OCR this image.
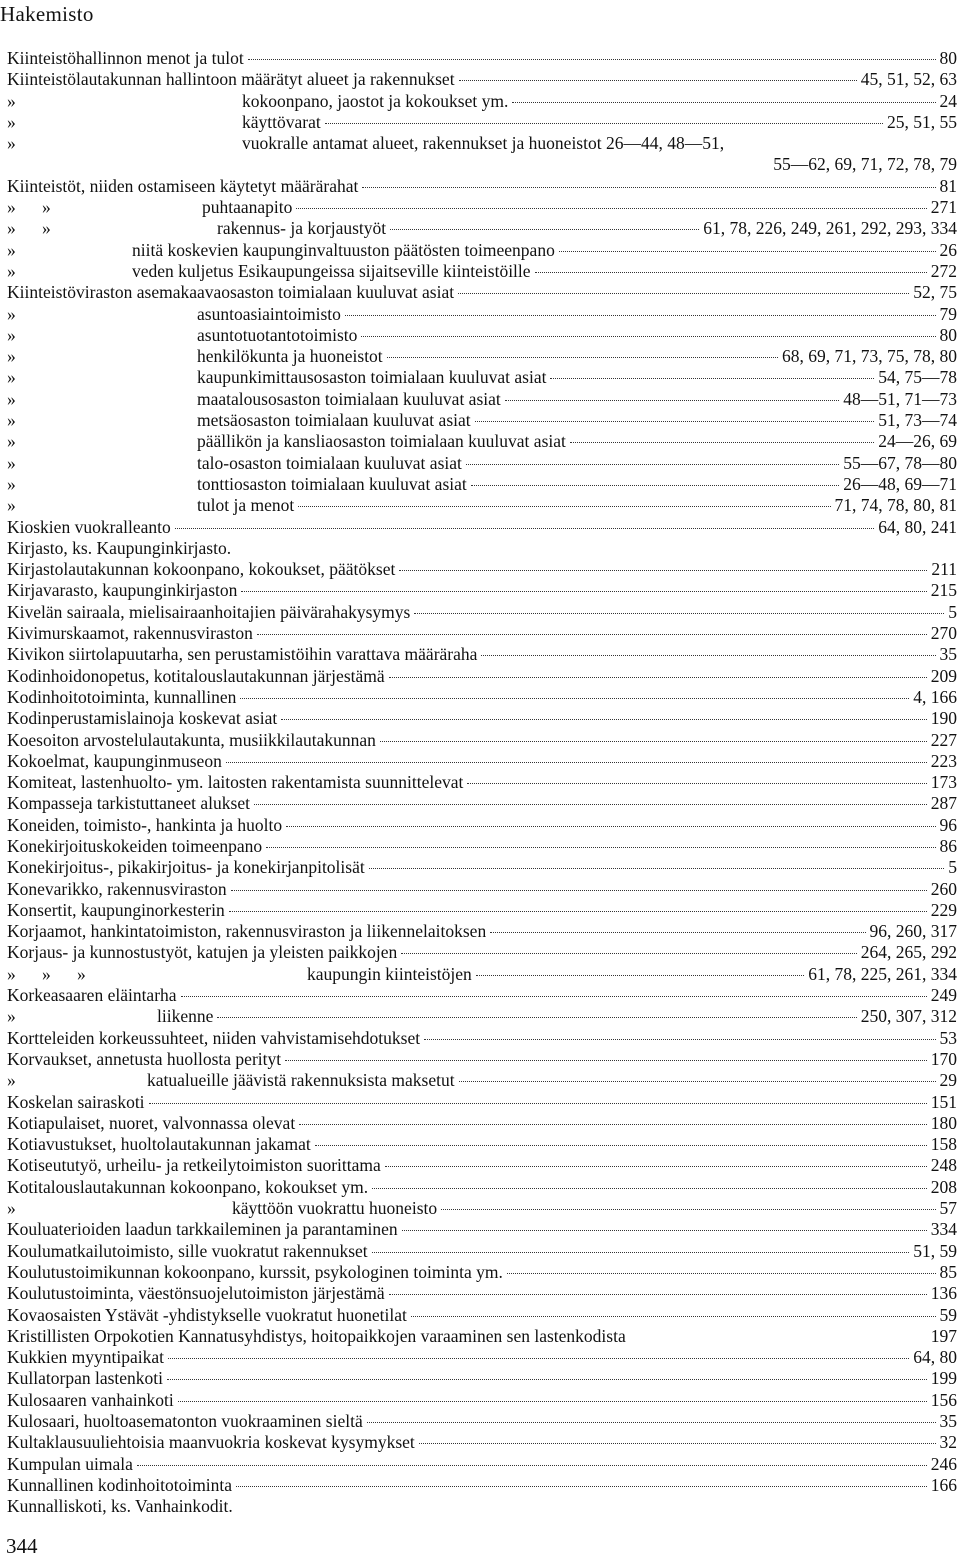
Hakemisto
Kiinteistöhallinnon menot ja tulot	80
Kiinteistölautakunnan hallintoon määrätyt alueet ja rakennukset	45, 51, 52, 63
»	kokoonpano, jaostot ja kokoukset ym.	24
»	käyttövarat	25, 51, 55
»	vuokralle antamat alueet, rakennukset ja huoneistot 26—44, 48—51,
55—62, 69, 71, 72, 78, 79
Kiinteistöt, niiden ostamiseen käytetyt määrärahat	81
»      »	puhtaanapito	271
»      »	rakennus- ja korjaustyöt	61, 78, 226, 249, 261, 292, 293, 334
»	niitä koskevien kaupunginvaltuuston päätösten toimeenpano	26
»	veden kuljetus Esikaupungeissa sijaitseville kiinteistöille	272
Kiinteistöviraston asemakaavaosaston toimialaan kuuluvat asiat	52, 75
»	asuntoasiaintoimisto	79
»	asuntotuotantotoimisto	80
»	henkilökunta ja huoneistot	68, 69, 71, 73, 75, 78, 80
»	kaupunkimittausosaston toimialaan kuuluvat asiat	54, 75—78
»	maatalousosaston toimialaan kuuluvat asiat	48—51, 71—73
»	metsäosaston toimialaan kuuluvat asiat	51, 73—74
»	päällikön ja kansliaosaston toimialaan kuuluvat asiat	24—26, 69
»	talo-osaston toimialaan kuuluvat asiat	55—67, 78—80
»	tonttiosaston toimialaan kuuluvat asiat	26—48, 69—71
»	tulot ja menot	71, 74, 78, 80, 81
Kioskien vuokralleanto	64, 80, 241
Kirjasto, ks. Kaupunginkirjasto.
Kirjastolautakunnan kokoonpano, kokoukset, päätökset	211
Kirjavarasto, kaupunginkirjaston	215
Kivelän sairaala, mielisairaanhoitajien päivärahakysymys	5
Kivimurskaamot, rakennusviraston	270
Kivikon siirtolapuutarha, sen perustamistöihin varattava määräraha	35
Kodinhoidonopetus, kotitalouslautakunnan järjestämä	209
Kodinhoitotoiminta, kunnallinen	4, 166
Kodinperustamislainoja koskevat asiat	190
Koesoiton arvostelulautakunta, musiikkilautakunnan	227
Kokoelmat, kaupunginmuseon	223
Komiteat, lastenhuolto- ym. laitosten rakentamista suunnittelevat	173
Kompasseja tarkistuttaneet alukset	287
Koneiden, toimisto-, hankinta ja huolto	96
Konekirjoituskokeiden toimeenpano	86
Konekirjoitus-, pikakirjoitus- ja konekirjanpitolisät	5
Konevarikko, rakennusviraston	260
Konsertit, kaupunginorkesterin	229
Korjaamot, hankintatoimiston, rakennusviraston ja liikennelaitoksen	96, 260, 317
Korjaus- ja kunnostustyöt, katujen ja yleisten paikkojen	264, 265, 292
»      »      »	kaupungin kiinteistöjen	61, 78, 225, 261, 334
Korkeasaaren eläintarha	249
»	liikenne	250, 307, 312
Kortteleiden korkeussuhteet, niiden vahvistamisehdotukset	53
Korvaukset, annetusta huollosta perityt	170
»	katualueille jäävistä rakennuksista maksetut	29
Koskelan sairaskoti	151
Kotiapulaiset, nuoret, valvonnassa olevat	180
Kotiavustukset, huoltolautakunnan jakamat	158
Kotiseututyö, urheilu- ja retkeilytoimiston suorittama	248
Kotitalouslautakunnan kokoonpano, kokoukset ym.	208
»	käyttöön vuokrattu huoneisto	57
Kouluaterioiden laadun tarkkaileminen ja parantaminen	334
Koulumatkailutoimisto, sille vuokratut rakennukset	51, 59
Koulutustoimikunnan kokoonpano, kurssit, psykologinen toiminta ym.	85
Koulutustoiminta, väestönsuojelutoimiston järjestämä	136
Kovaosaisten Ystävät -yhdistykselle vuokratut huonetilat	59
Kristillisten Orpokotien Kannatusyhdistys, hoitopaikkojen varaaminen sen lastenkodista	197
Kukkien myyntipaikat	64, 80
Kullatorpan lastenkoti	199
Kulosaaren vanhainkoti	156
Kulosaari, huoltoasematonton vuokraaminen sieltä	35
Kultaklausuuliehtoisia maanvuokria koskevat kysymykset	32
Kumpulan uimala	246
Kunnallinen kodinhoitotoiminta	166
Kunnalliskoti, ks. Vanhainkodit.
344
